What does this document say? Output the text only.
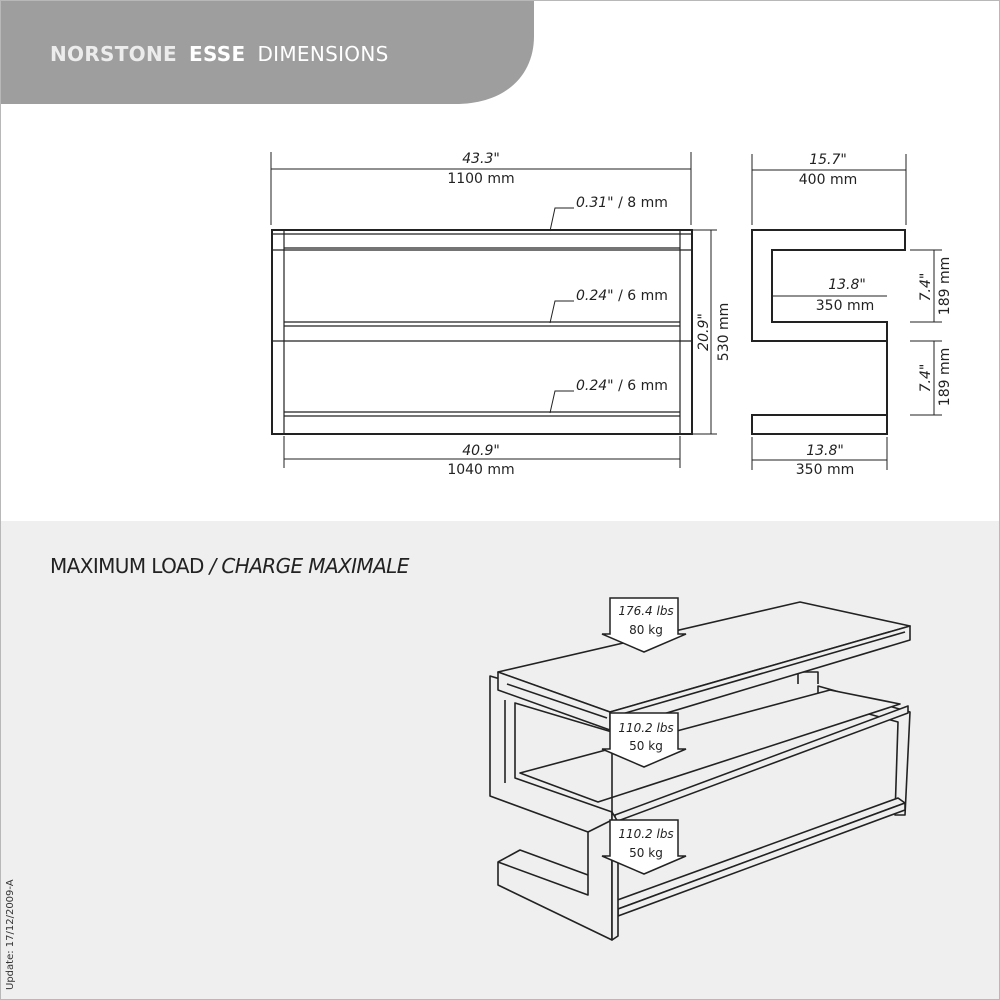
NORSTONE ESSE DIMENSIONS
43.3"
1100 mm
0.31" / 8 mm
0.24" / 6 mm
0.24" / 6 mm
20.9" 530 mm
40.9"
1040 mm
15.7"
400 mm
13.8"
350 mm
7.4" 189 mm
7.4" 189 mm
13.8"
350 mm
MAXIMUM LOAD / CHARGE MAXIMALE
176.4 lbs
80 kg
110.2 lbs
50 kg
110.2 lbs
50 kg
Update: 17/12/2009-A
